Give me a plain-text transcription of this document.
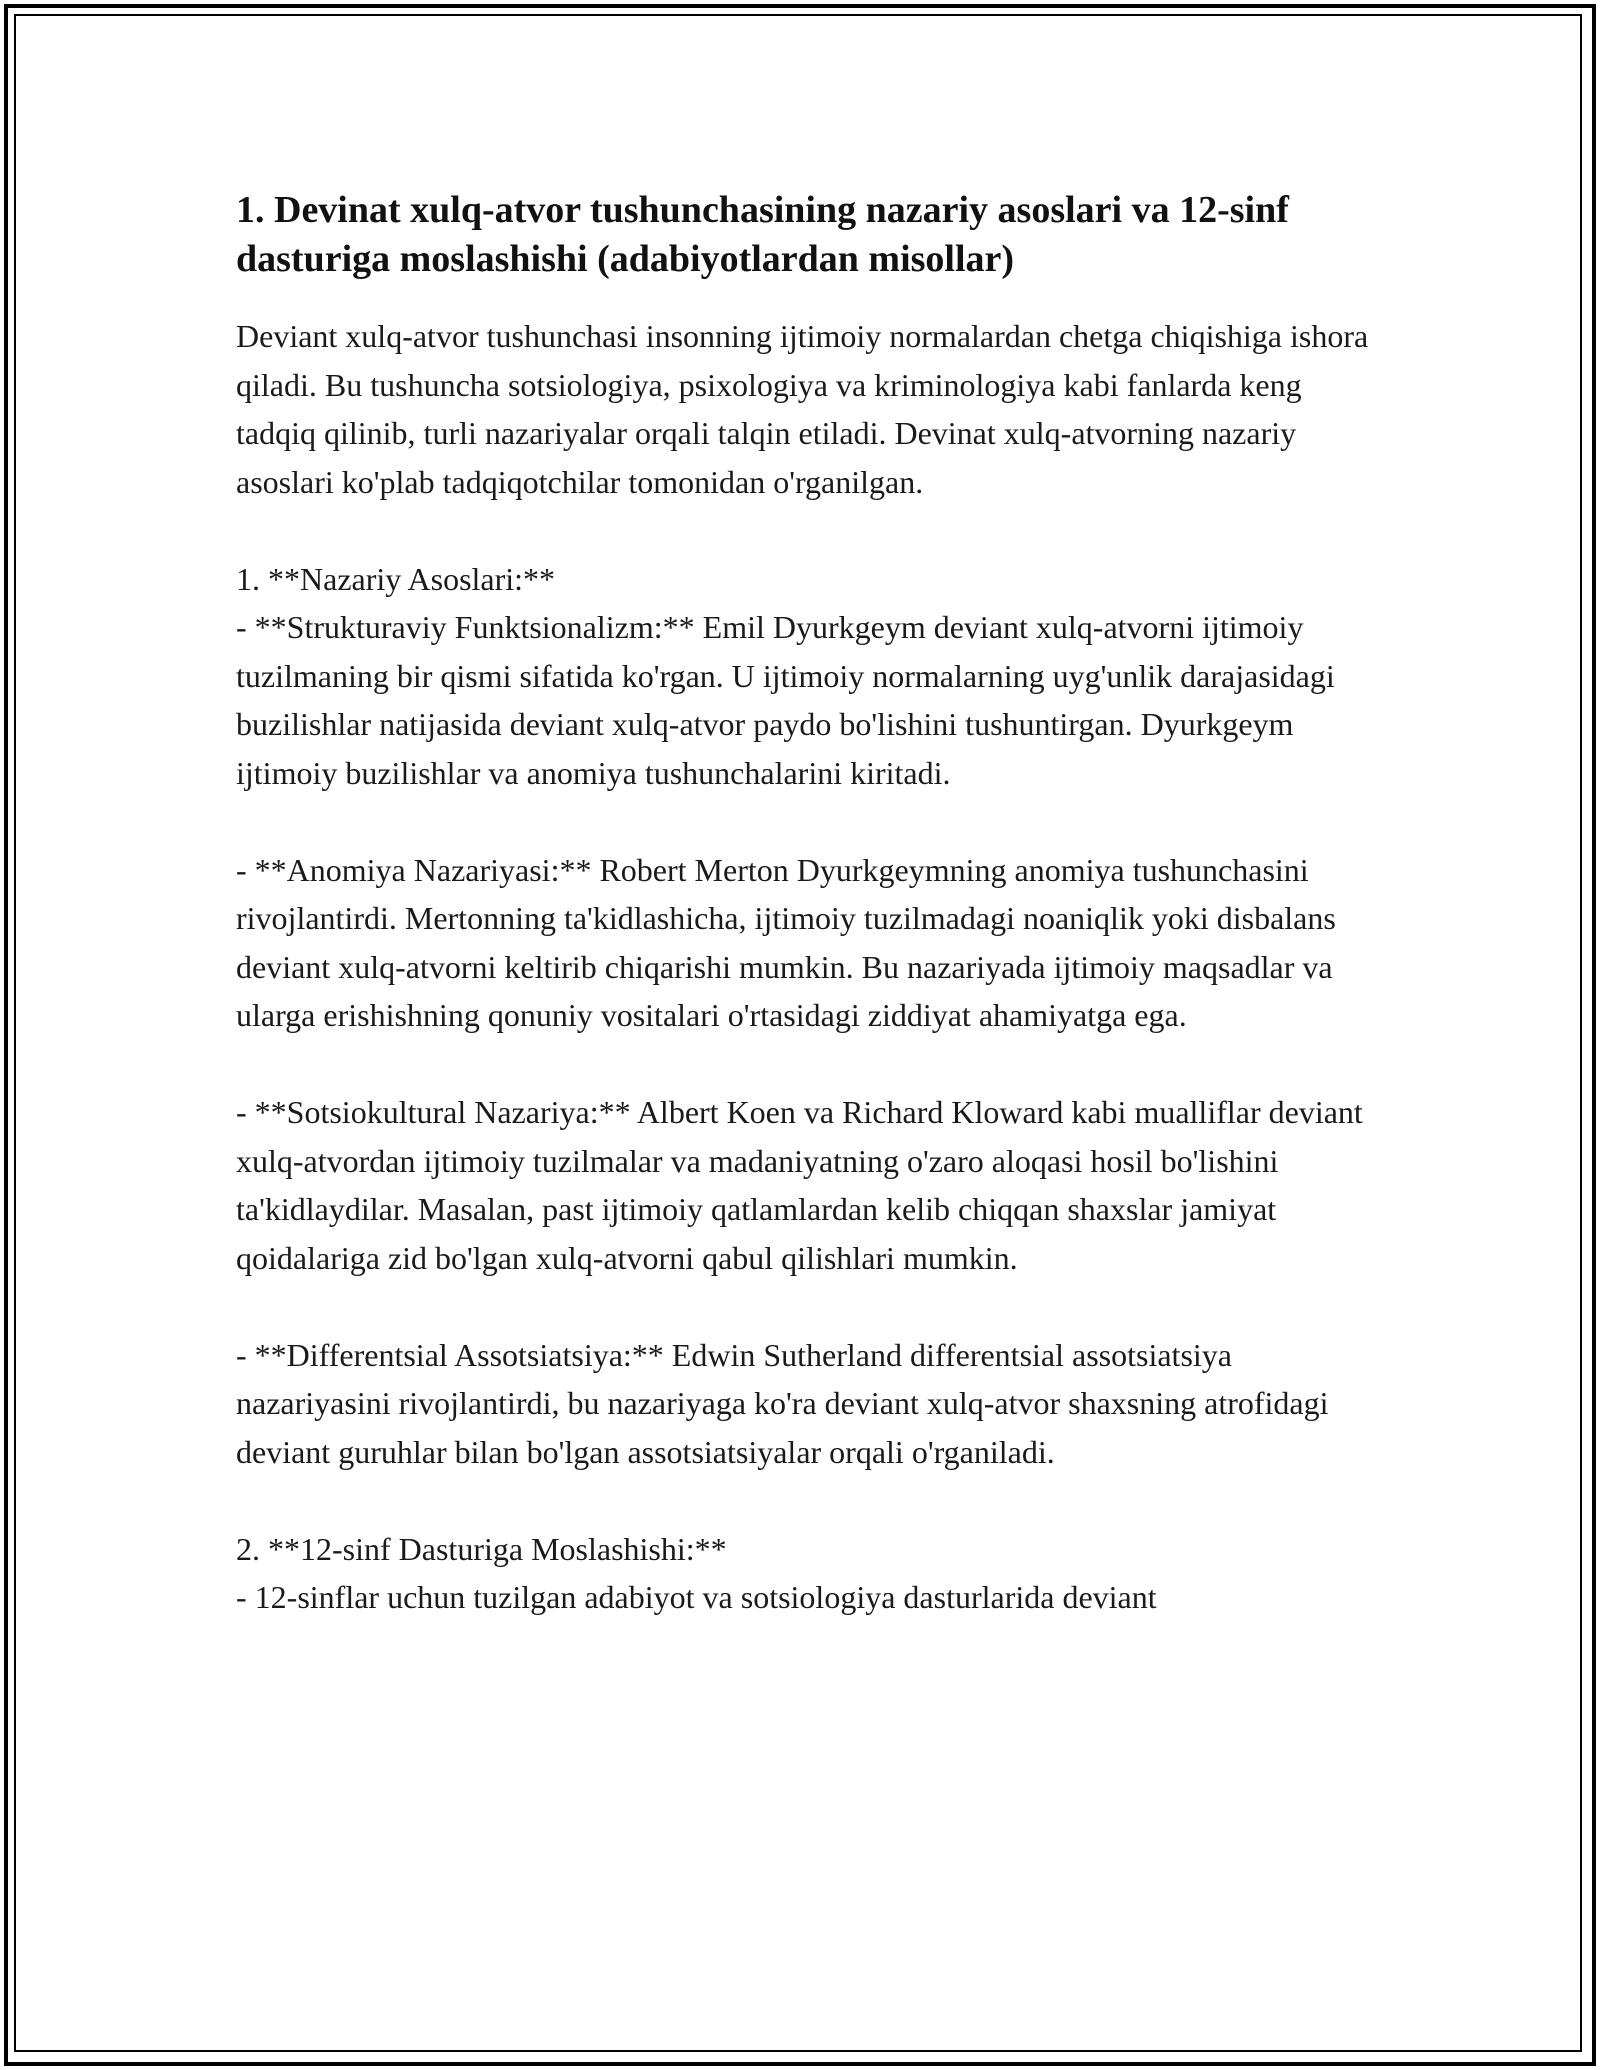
1. Devinat xulq-atvor tushunchasining nazariy asoslari va 12-sinf dasturiga moslashishi (adabiyotlardan misollar)

Deviant xulq-atvor tushunchasi insonning ijtimoiy normalardan chetga chiqishiga ishora qiladi. Bu tushuncha sotsiologiya, psixologiya va kriminologiya kabi fanlarda keng tadqiq qilinib, turli nazariyalar orqali talqin etiladi. Devinat xulq-atvorning nazariy asoslari ko'plab tadqiqotchilar tomonidan o'rganilgan.

1. **Nazariy Asoslari:**
- **Strukturaviy Funktsionalizm:** Emil Dyurkgeym deviant xulq-atvorni ijtimoiy tuzilmaning bir qismi sifatida ko'rgan. U ijtimoiy normalarning uyg'unlik darajasidagi buzilishlar natijasida deviant xulq-atvor paydo bo'lishini tushuntirgan. Dyurkgeym ijtimoiy buzilishlar va anomiya tushunchalarini kiritadi.

- **Anomiya Nazariyasi:** Robert Merton Dyurkgeymning anomiya tushunchasini rivojlantirdi. Mertonning ta'kidlashicha, ijtimoiy tuzilmadagi noaniqlik yoki disbalans deviant xulq-atvorni keltirib chiqarishi mumkin. Bu nazariyada ijtimoiy maqsadlar va ularga erishishning qonuniy vositalari o'rtasidagi ziddiyat ahamiyatga ega.

- **Sotsiokultural Nazariya:** Albert Koen va Richard Kloward kabi mualliflar deviant xulq-atvordan ijtimoiy tuzilmalar va madaniyatning o'zaro aloqasi hosil bo'lishini ta'kidlaydilar. Masalan, past ijtimoiy qatlamlardan kelib chiqqan shaxslar jamiyat qoidalariga zid bo'lgan xulq-atvorni qabul qilishlari mumkin.

- **Differentsial Assotsiatsiya:** Edwin Sutherland differentsial assotsiatsiya nazariyasini rivojlantirdi, bu nazariyaga ko'ra deviant xulq-atvor shaxsning atrofidagi deviant guruhlar bilan bo'lgan assotsiatsiyalar orqali o'rganiladi.

2. **12-sinf Dasturiga Moslashishi:**
- 12-sinflar uchun tuzilgan adabiyot va sotsiologiya dasturlarida deviant
